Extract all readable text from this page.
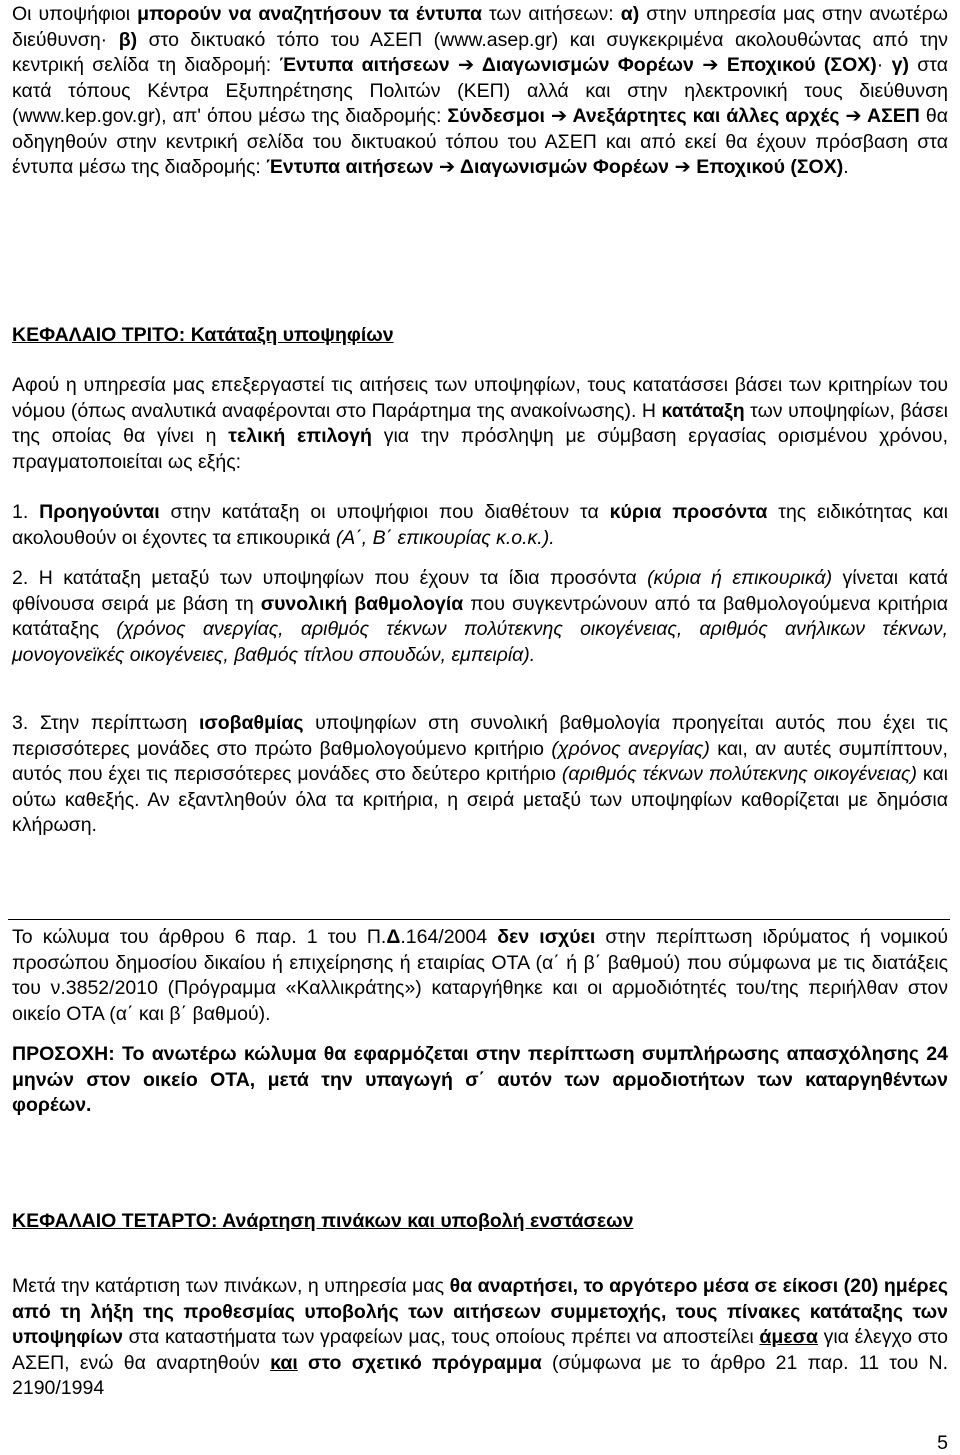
Οι υποψήφιοι μπορούν να αναζητήσουν τα έντυπα των αιτήσεων: α) στην υπηρεσία μας στην ανωτέρω διεύθυνση· β) στο δικτυακό τόπο του ΑΣΕΠ (www.asep.gr) και συγκεκριμένα ακολουθώντας από την κεντρική σελίδα τη διαδρομή: Έντυπα αιτήσεων ➔ Διαγωνισμών Φορέων ➔ Εποχικού (ΣΟΧ)· γ) στα κατά τόπους Κέντρα Εξυπηρέτησης Πολιτών (ΚΕΠ) αλλά και στην ηλεκτρονική τους διεύθυνση (www.kep.gov.gr), απ' όπου μέσω της διαδρομής: Σύνδεσμοι ➔ Ανεξάρτητες και άλλες αρχές ➔ ΑΣΕΠ θα οδηγηθούν στην κεντρική σελίδα του δικτυακού τόπου του ΑΣΕΠ και από εκεί θα έχουν πρόσβαση στα έντυπα μέσω της διαδρομής: Έντυπα αιτήσεων ➔ Διαγωνισμών Φορέων ➔ Εποχικού (ΣΟΧ).

ΚΕΦΑΛΑΙΟ ΤΡΙΤΟ: Κατάταξη υποψηφίων

Αφού η υπηρεσία μας επεξεργαστεί τις αιτήσεις των υποψηφίων, τους κατατάσσει βάσει των κριτηρίων του νόμου (όπως αναλυτικά αναφέρονται στο Παράρτημα της ανακοίνωσης). Η κατάταξη των υποψηφίων, βάσει της οποίας θα γίνει η τελική επιλογή για την πρόσληψη με σύμβαση εργασίας ορισμένου χρόνου, πραγματοποιείται ως εξής:

1. Προηγούνται στην κατάταξη οι υποψήφιοι που διαθέτουν τα κύρια προσόντα της ειδικότητας και ακολουθούν οι έχοντες τα επικουρικά (Α΄, Β΄ επικουρίας κ.ο.κ.).

2. Η κατάταξη μεταξύ των υποψηφίων που έχουν τα ίδια προσόντα (κύρια ή επικουρικά) γίνεται κατά φθίνουσα σειρά με βάση τη συνολική βαθμολογία που συγκεντρώνουν από τα βαθμολογούμενα κριτήρια κατάταξης (χρόνος ανεργίας, αριθμός τέκνων πολύτεκνης οικογένειας, αριθμός ανήλικων τέκνων, μονογονεϊκές οικογένειες, βαθμός τίτλου σπουδών, εμπειρία).

3. Στην περίπτωση ισοβαθμίας υποψηφίων στη συνολική βαθμολογία προηγείται αυτός που έχει τις περισσότερες μονάδες στο πρώτο βαθμολογούμενο κριτήριο (χρόνος ανεργίας) και, αν αυτές συμπίπτουν, αυτός που έχει τις περισσότερες μονάδες στο δεύτερο κριτήριο (αριθμός τέκνων πολύτεκνης οικογένειας) και ούτω καθεξής. Αν εξαντληθούν όλα τα κριτήρια, η σειρά μεταξύ των υποψηφίων καθορίζεται με δημόσια κλήρωση.

Το κώλυμα του άρθρου 6 παρ. 1 του Π.Δ.164/2004 δεν ισχύει στην περίπτωση ιδρύματος ή νομικού προσώπου δημοσίου δικαίου ή επιχείρησης ή εταιρίας ΟΤΑ (α΄ ή β΄ βαθμού) που σύμφωνα με τις διατάξεις του ν.3852/2010 (Πρόγραμμα «Καλλικράτης») καταργήθηκε και οι αρμοδιότητές του/της περιήλθαν στον οικείο ΟΤΑ (α΄ και β΄ βαθμού).

ΠΡΟΣΟΧΗ: Το ανωτέρω κώλυμα θα εφαρμόζεται στην περίπτωση συμπλήρωσης απασχόλησης 24 μηνών στον οικείο ΟΤΑ, μετά την υπαγωγή σ΄ αυτόν των αρμοδιοτήτων των καταργηθέντων φορέων.

ΚΕΦΑΛΑΙΟ ΤΕΤΑΡΤΟ: Ανάρτηση πινάκων και υποβολή ενστάσεων

Μετά την κατάρτιση των πινάκων, η υπηρεσία μας θα αναρτήσει, το αργότερο μέσα σε είκοσι (20) ημέρες από τη λήξη της προθεσμίας υποβολής των αιτήσεων συμμετοχής, τους πίνακες κατάταξης των υποψηφίων στα καταστήματα των γραφείων μας, τους οποίους πρέπει να αποστείλει άμεσα για έλεγχο στο ΑΣΕΠ, ενώ θα αναρτηθούν και στο σχετικό πρόγραμμα (σύμφωνα με το άρθρο 21 παρ. 11 του Ν. 2190/1994

5
